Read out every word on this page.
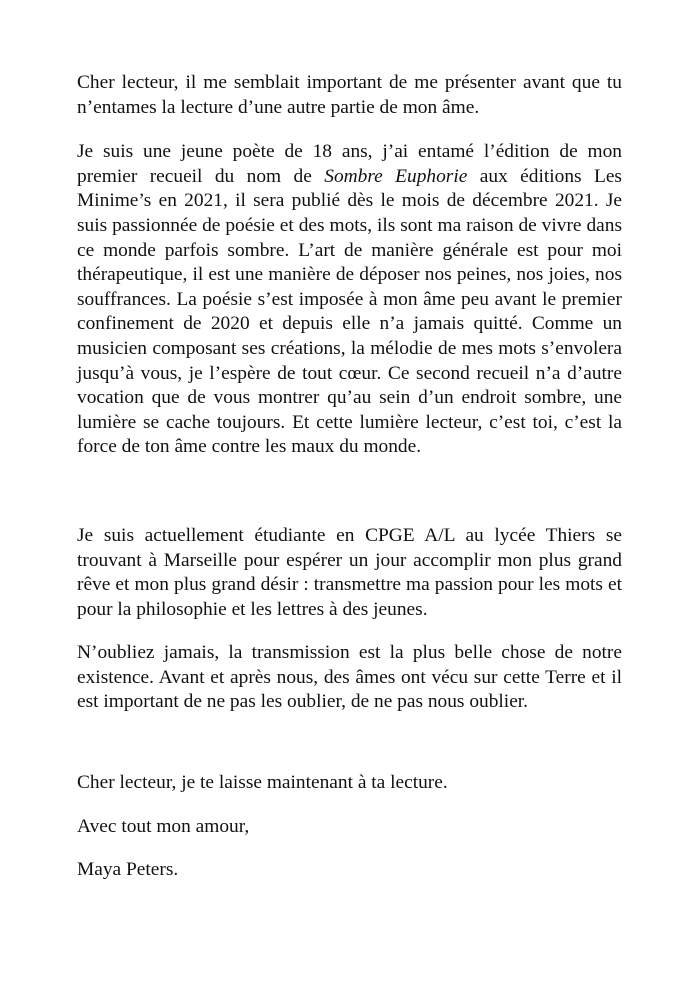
Cher lecteur, il me semblait important de me présenter avant que tu n’entames la lecture d’une autre partie de mon âme.

Je suis une jeune poète de 18 ans, j’ai entamé l’édition de mon premier recueil du nom de Sombre Euphorie aux éditions Les Minime’s en 2021, il sera publié dès le mois de décembre 2021. Je suis passionnée de poésie et des mots, ils sont ma raison de vivre dans ce monde parfois sombre. L’art de manière générale est pour moi thérapeutique, il est une manière de déposer nos peines, nos joies, nos souffrances. La poésie s’est imposée à mon âme peu avant le premier confinement de 2020 et depuis elle n’a jamais quitté. Comme un musicien composant ses créations, la mélodie de mes mots s’envolera jusqu’à vous, je l’espère de tout cœur. Ce second recueil n’a d’autre vocation que de vous montrer qu’au sein d’un endroit sombre, une lumière se cache toujours. Et cette lumière lecteur, c’est toi, c’est la force de ton âme contre les maux du monde.

Je suis actuellement étudiante en CPGE A/L au lycée Thiers se trouvant à Marseille pour espérer un jour accomplir mon plus grand rêve et mon plus grand désir : transmettre ma passion pour les mots et pour la philosophie et les lettres à des jeunes.

N’oubliez jamais, la transmission est la plus belle chose de notre existence. Avant et après nous, des âmes ont vécu sur cette Terre et il est important de ne pas les oublier, de ne pas nous oublier.

Cher lecteur, je te laisse maintenant à ta lecture.

Avec tout mon amour,

Maya Peters.
